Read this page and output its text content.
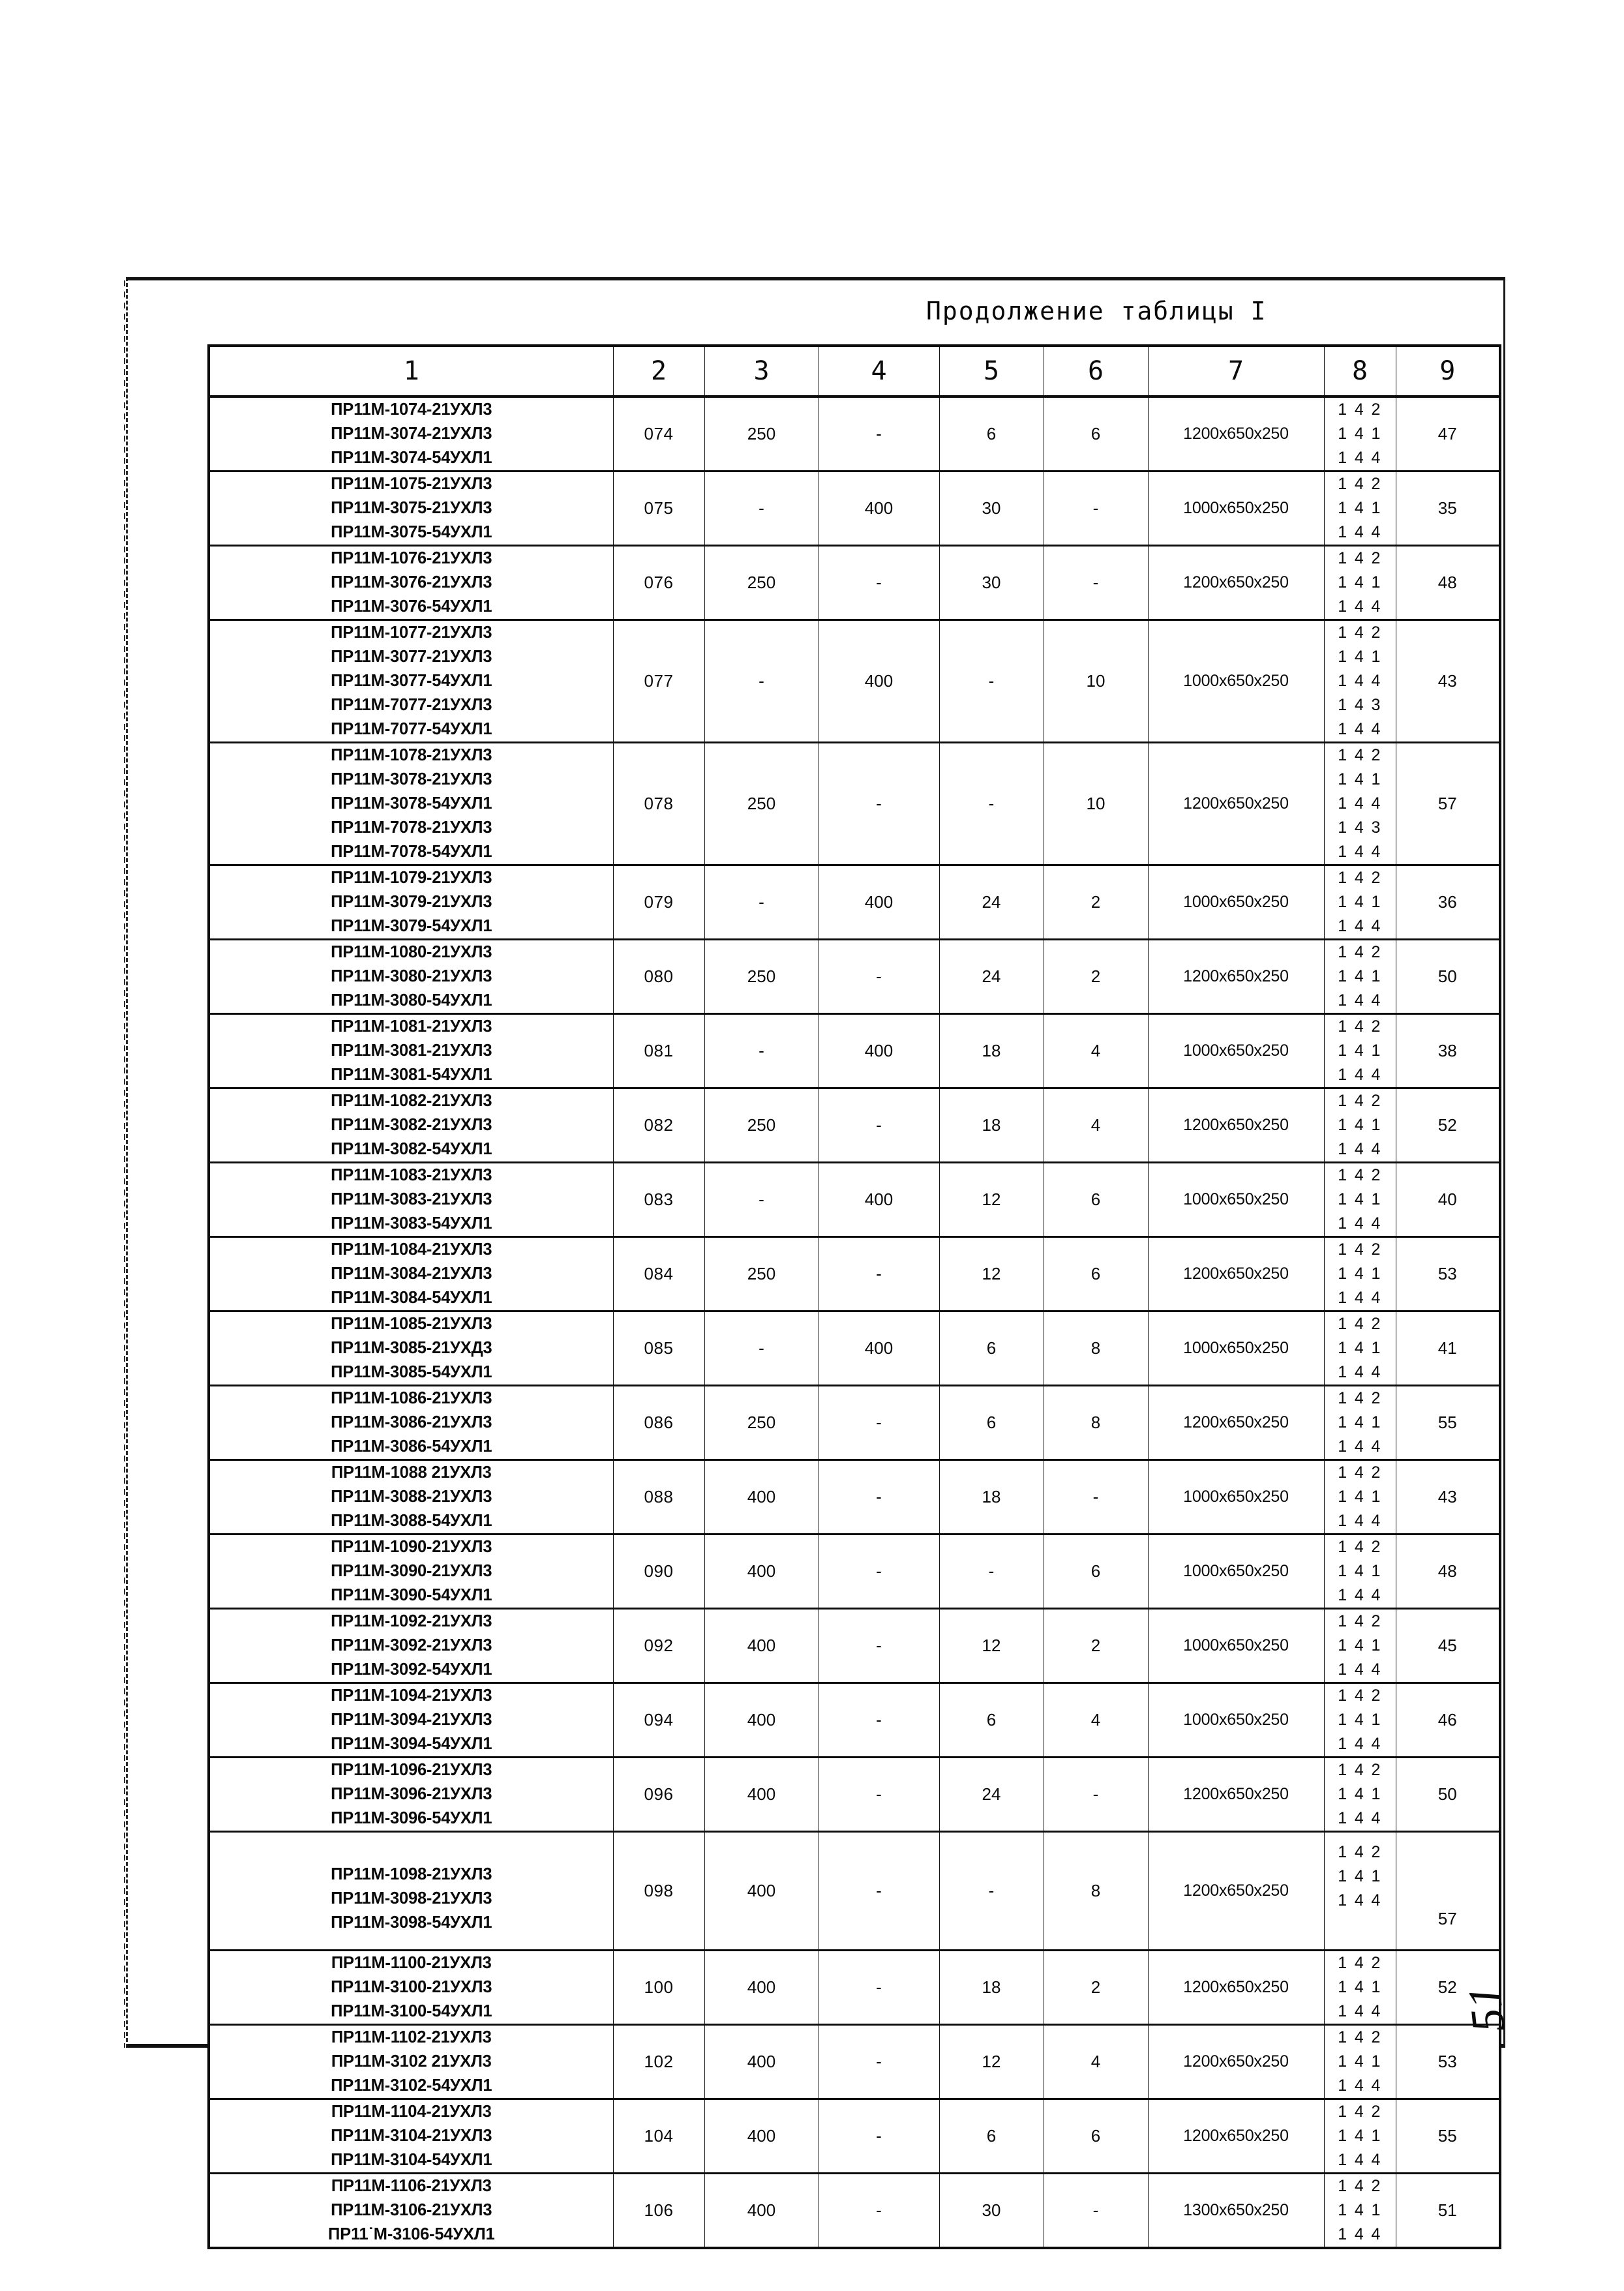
Продолжение таблицы I
1	2	3	4	5	6	7	8	9

ПР11М-1074-21УХЛ3
ПР11М-3074-21УХЛ3
ПР11М-3074-54УХЛ1	074	250	-	6	6	1200x650x250	1 4 2
1 4 1
1 4 4	47

ПР11М-1075-21УХЛ3
ПР11М-3075-21УХЛ3
ПР11М-3075-54УХЛ1	075	-	400	30	-	1000x650x250	1 4 2
1 4 1
1 4 4	35

ПР11М-1076-21УХЛ3
ПР11М-3076-21УХЛ3
ПР11М-3076-54УХЛ1	076	250	-	30	-	1200x650x250	1 4 2
1 4 1
1 4 4	48

ПР11М-1077-21УХЛ3
ПР11М-3077-21УХЛ3
ПР11М-3077-54УХЛ1
ПР11М-7077-21УХЛ3
ПР11М-7077-54УХЛ1	077	-	400	-	10	1000x650x250	1 4 2
1 4 1
1 4 4
1 4 3
1 4 4	43

ПР11М-1078-21УХЛ3
ПР11М-3078-21УХЛ3
ПР11М-3078-54УХЛ1
ПР11М-7078-21УХЛ3
ПР11М-7078-54УХЛ1	078	250	-	-	10	1200x650x250	1 4 2
1 4 1
1 4 4
1 4 3
1 4 4	57

ПР11М-1079-21УХЛ3
ПР11М-3079-21УХЛ3
ПР11М-3079-54УХЛ1	079	-	400	24	2	1000x650x250	1 4 2
1 4 1
1 4 4	36

ПР11М-1080-21УХЛ3
ПР11М-3080-21УХЛ3
ПР11М-3080-54УХЛ1	080	250	-	24	2	1200x650x250	1 4 2
1 4 1
1 4 4	50

ПР11М-1081-21УХЛ3
ПР11М-3081-21УХЛ3
ПР11М-3081-54УХЛ1	081	-	400	18	4	1000x650x250	1 4 2
1 4 1
1 4 4	38

ПР11М-1082-21УХЛ3
ПР11М-3082-21УХЛ3
ПР11М-3082-54УХЛ1	082	250	-	18	4	1200x650x250	1 4 2
1 4 1
1 4 4	52

ПР11М-1083-21УХЛ3
ПР11М-3083-21УХЛ3
ПР11М-3083-54УХЛ1	083	-	400	12	6	1000x650x250	1 4 2
1 4 1
1 4 4	40

ПР11М-1084-21УХЛ3
ПР11М-3084-21УХЛ3
ПР11М-3084-54УХЛ1	084	250	-	12	6	1200x650x250	1 4 2
1 4 1
1 4 4	53

ПР11М-1085-21УХЛ3
ПР11М-3085-21УХД3
ПР11М-3085-54УХЛ1	085	-	400	6	8	1000x650x250	1 4 2
1 4 1
1 4 4	41

ПР11М-1086-21УХЛ3
ПР11М-3086-21УХЛ3
ПР11М-3086-54УХЛ1	086	250	-	6	8	1200x650x250	1 4 2
1 4 1
1 4 4	55

ПР11М-1088 21УХЛ3
ПР11М-3088-21УХЛ3
ПР11М-3088-54УХЛ1	088	400	-	18	-	1000x650x250	1 4 2
1 4 1
1 4 4	43

ПР11М-1090-21УХЛ3
ПР11М-3090-21УХЛ3
ПР11М-3090-54УХЛ1	090	400	-	-	6	1000x650x250	1 4 2
1 4 1
1 4 4	48

ПР11М-1092-21УХЛ3
ПР11М-3092-21УХЛ3
ПР11М-3092-54УХЛ1	092	400	-	12	2	1000x650x250	1 4 2
1 4 1
1 4 4	45

ПР11М-1094-21УХЛ3
ПР11М-3094-21УХЛ3
ПР11М-3094-54УХЛ1	094	400	-	6	4	1000x650x250	1 4 2
1 4 1
1 4 4	46

ПР11М-1096-21УХЛ3
ПР11М-3096-21УХЛ3
ПР11М-3096-54УХЛ1	096	400	-	24	-	1200x650x250	1 4 2
1 4 1
1 4 4	50

ПР11М-1098-21УХЛ3
ПР11М-3098-21УХЛ3
ПР11М-3098-54УХЛ1	098	400	-	-	8	1200x650x250	1 4 2
1 4 1
1 4 4	57

ПР11М-1100-21УХЛ3
ПР11М-3100-21УХЛ3
ПР11М-3100-54УХЛ1	100	400	-	18	2	1200x650x250	1 4 2
1 4 1
1 4 4	52

ПР11М-1102-21УХЛ3
ПР11М-3102 21УХЛ3
ПР11М-3102-54УХЛ1	102	400	-	12	4	1200x650x250	1 4 2
1 4 1
1 4 4	53

ПР11М-1104-21УХЛ3
ПР11М-3104-21УХЛ3
ПР11М-3104-54УХЛ1	104	400	-	6	6	1200x650x250	1 4 2
1 4 1
1 4 4	55

ПР11М-1106-21УХЛ3
ПР11М-3106-21УХЛ3
ПР11˙М-3106-54УХЛ1	106	400	-	30	-	1300x650x250	1 4 2
1 4 1
1 4 4	51
51
